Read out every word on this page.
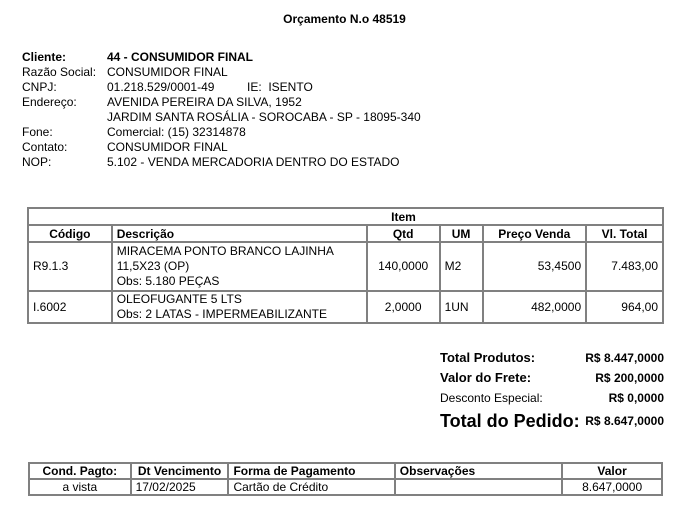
Orçamento N.o 48519
Cliente:	44 - CONSUMIDOR FINAL
Razão Social: CONSUMIDOR FINAL
CNPJ:	01.218.529/0001-49	IE: ISENTO
Endereço:	AVENIDA PEREIRA DA SILVA, 1952
JARDIM SANTA ROSÁLIA - SOROCABA - SP - 18095-340
Fone:	Comercial: (15) 32314878
Contato:	CONSUMIDOR FINAL
NOP:	5.102 - VENDA MERCADORIA DENTRO DO ESTADO
Item					
Código	Descrição	Qtd	UM	Preço Venda	Vl. Total
R9.1.3	MIRACEMA PONTO BRANCO LAJINHA
11,5X23 (OP)
Obs: 5.180 PEÇAS	140,0000	M2	53,4500	7.483,00
I.6002	OLEOFUGANTE 5 LTS
Obs: 2 LATAS - IMPERMEABILIZANTE	2,0000	1UN	482,0000	964,00
Total Produtos:	R$ 8.447,0000
Valor do Frete:	R$ 200,0000
Desconto Especial:	R$ 0,0000
Total do Pedido: R$ 8.647,0000
Cond. Pagto:	Dt Vencimento	Forma de Pagamento	Observações	Valor
a vista	17/02/2025	Cartão de Crédito		8.647,0000
